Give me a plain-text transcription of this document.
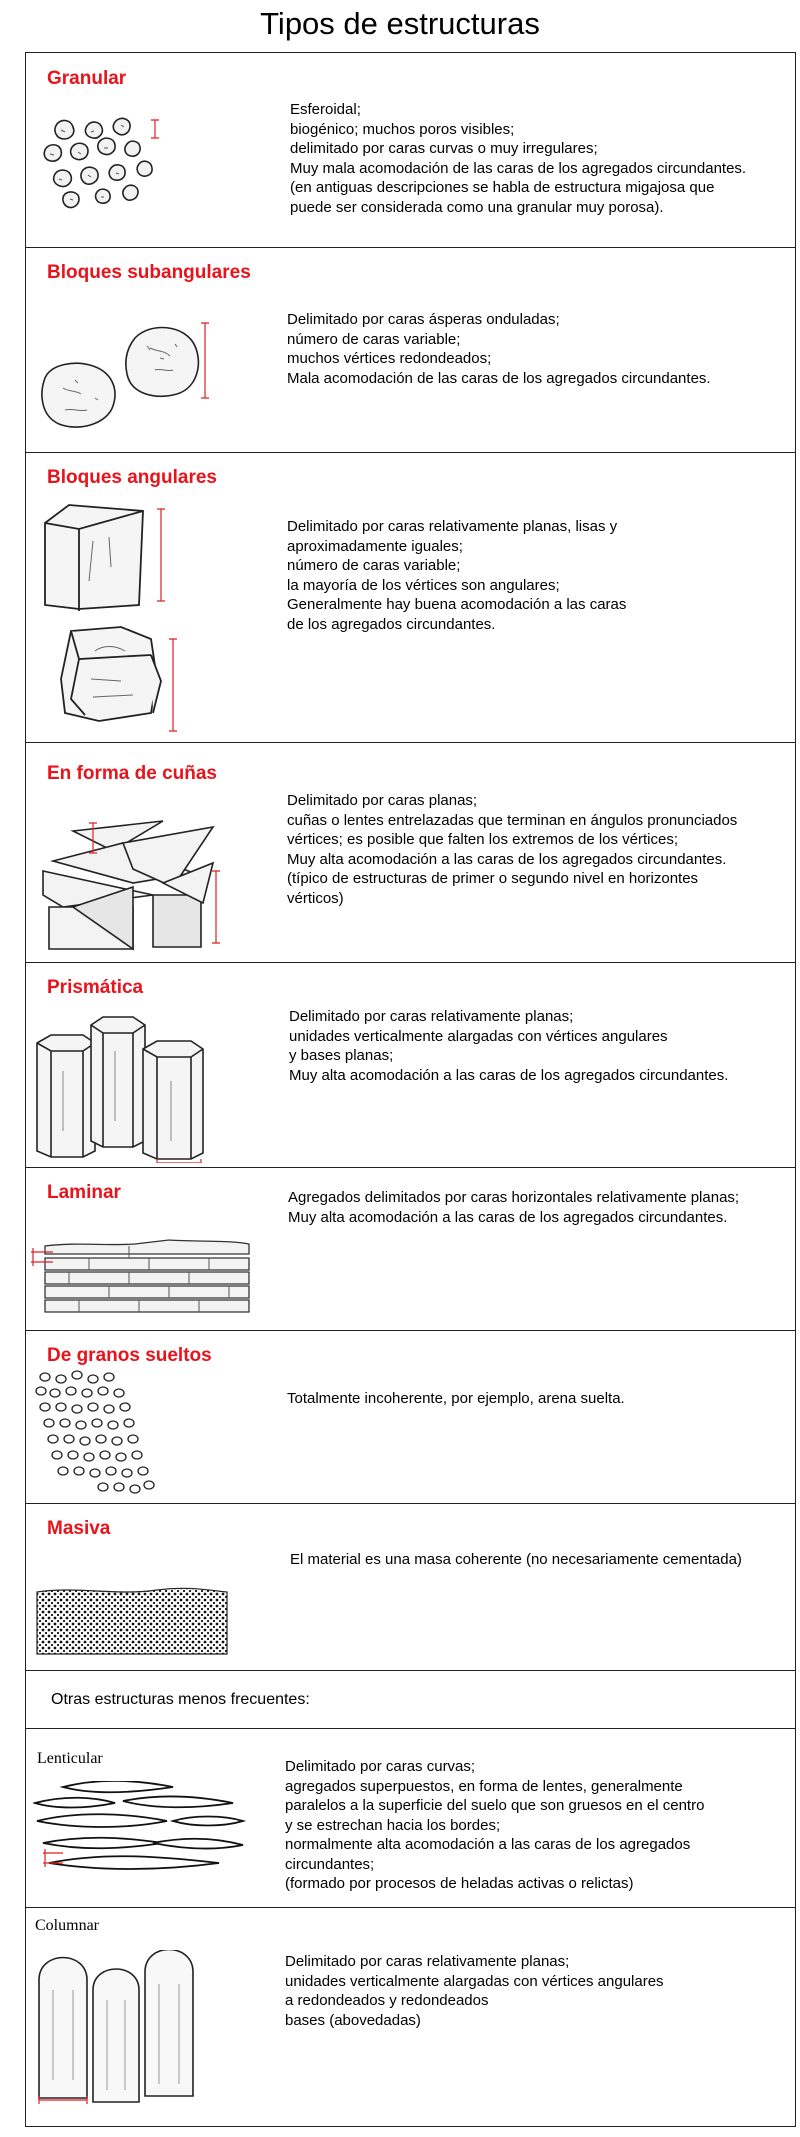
Tipos de estructuras
Granular
Esferoidal;
biogénico; muchos poros visibles;
delimitado por caras curvas o muy irregulares;
Muy mala acomodación de las caras de los agregados circundantes.
(en antiguas descripciones se habla de estructura migajosa que
puede ser considerada como una granular muy porosa).
Bloques subangulares
Delimitado por caras ásperas onduladas;
número de caras variable;
muchos vértices redondeados;
Mala acomodación de las caras de los agregados circundantes.
Bloques angulares
Delimitado por caras relativamente planas, lisas y
aproximadamente iguales;
número de caras variable;
la mayoría de los vértices son angulares;
Generalmente hay buena acomodación a las caras
de los agregados circundantes.
En forma de cuñas
Delimitado por caras planas;
cuñas o lentes entrelazadas que terminan en ángulos pronunciados
vértices; es posible que falten los extremos de los vértices;
Muy alta acomodación a las caras de los agregados circundantes.
(típico de estructuras de primer o segundo nivel en horizontes
vérticos)
Prismática
Delimitado por caras relativamente planas;
unidades verticalmente alargadas con vértices angulares
y bases planas;
Muy alta acomodación a las caras de los agregados circundantes.
Laminar	Agregados delimitados por caras horizontales relativamente planas;
Muy alta acomodación a las caras de los agregados circundantes.
De granos sueltos
Totalmente incoherente, por ejemplo, arena suelta.
Masiva
El material es una masa coherente (no necesariamente cementada)
Otras estructuras menos frecuentes:
Lenticular	Delimitado por caras curvas;
agregados superpuestos, en forma de lentes, generalmente
paralelos a la superficie del suelo que son gruesos en el centro
y se estrechan hacia los bordes;
normalmente alta acomodación a las caras de los agregados
circundantes;
(formado por procesos de heladas activas o relictas)
Columnar
Delimitado por caras relativamente planas;
unidades verticalmente alargadas con vértices angulares
a redondeados y redondeados
bases (abovedadas)
